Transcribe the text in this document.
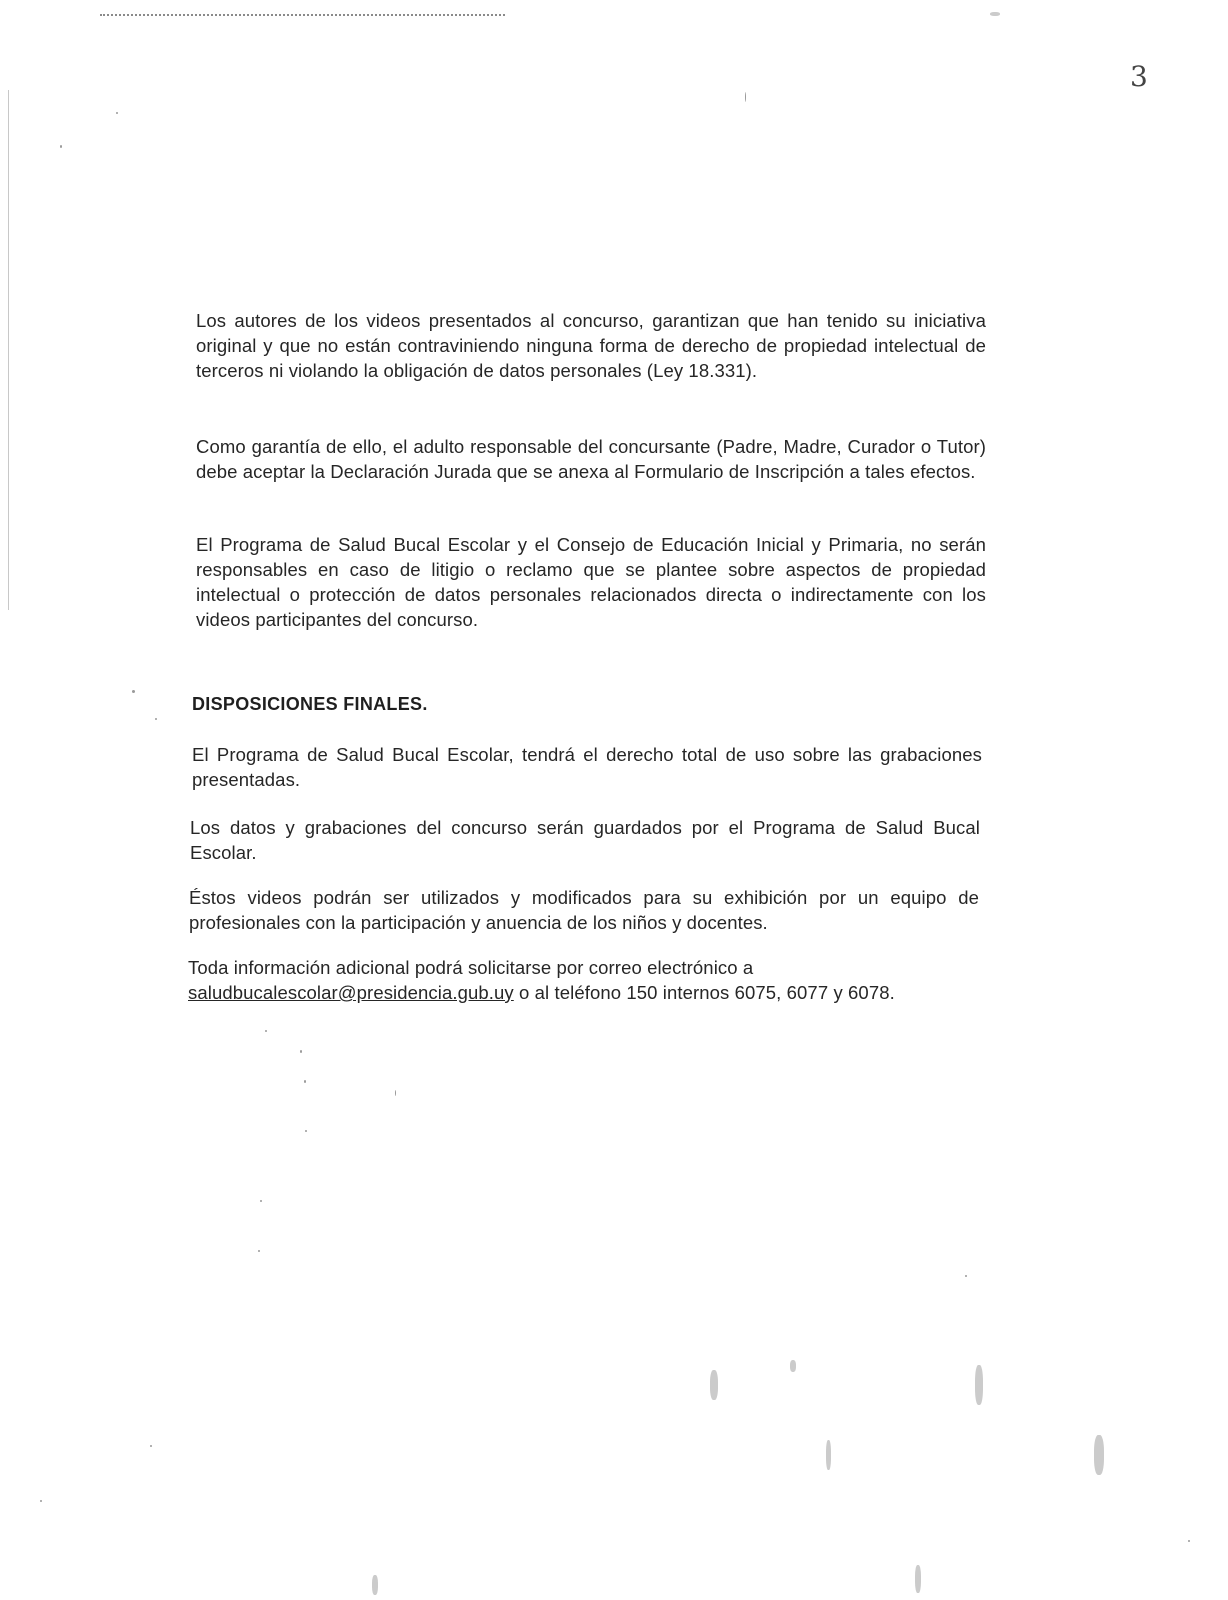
3

Los autores de los videos presentados al concurso, garantizan que han tenido su iniciativa original y que no están contraviniendo ninguna forma de derecho de propiedad intelectual de terceros ni violando la obligación de datos personales (Ley 18.331).

Como garantía de ello, el adulto responsable del concursante (Padre, Madre, Curador o Tutor) debe aceptar la Declaración Jurada que se anexa al Formulario de Inscripción a tales efectos.

El Programa de Salud Bucal Escolar y el Consejo de Educación Inicial y Primaria, no serán responsables en caso de litigio o reclamo que se plantee sobre aspectos de propiedad intelectual o protección de datos personales relacionados directa o indirectamente con los videos participantes del concurso.

DISPOSICIONES FINALES.

El Programa de Salud Bucal Escolar, tendrá el derecho total de uso sobre las grabaciones presentadas.

Los datos y grabaciones del concurso serán guardados por el Programa de Salud Bucal Escolar.

Éstos videos podrán ser utilizados y modificados para su exhibición por un equipo de profesionales con la participación y anuencia de los niños y docentes.

Toda información adicional podrá solicitarse por correo electrónico a
saludbucalescolar@presidencia.gub.uy o al teléfono 150 internos 6075, 6077 y 6078.
